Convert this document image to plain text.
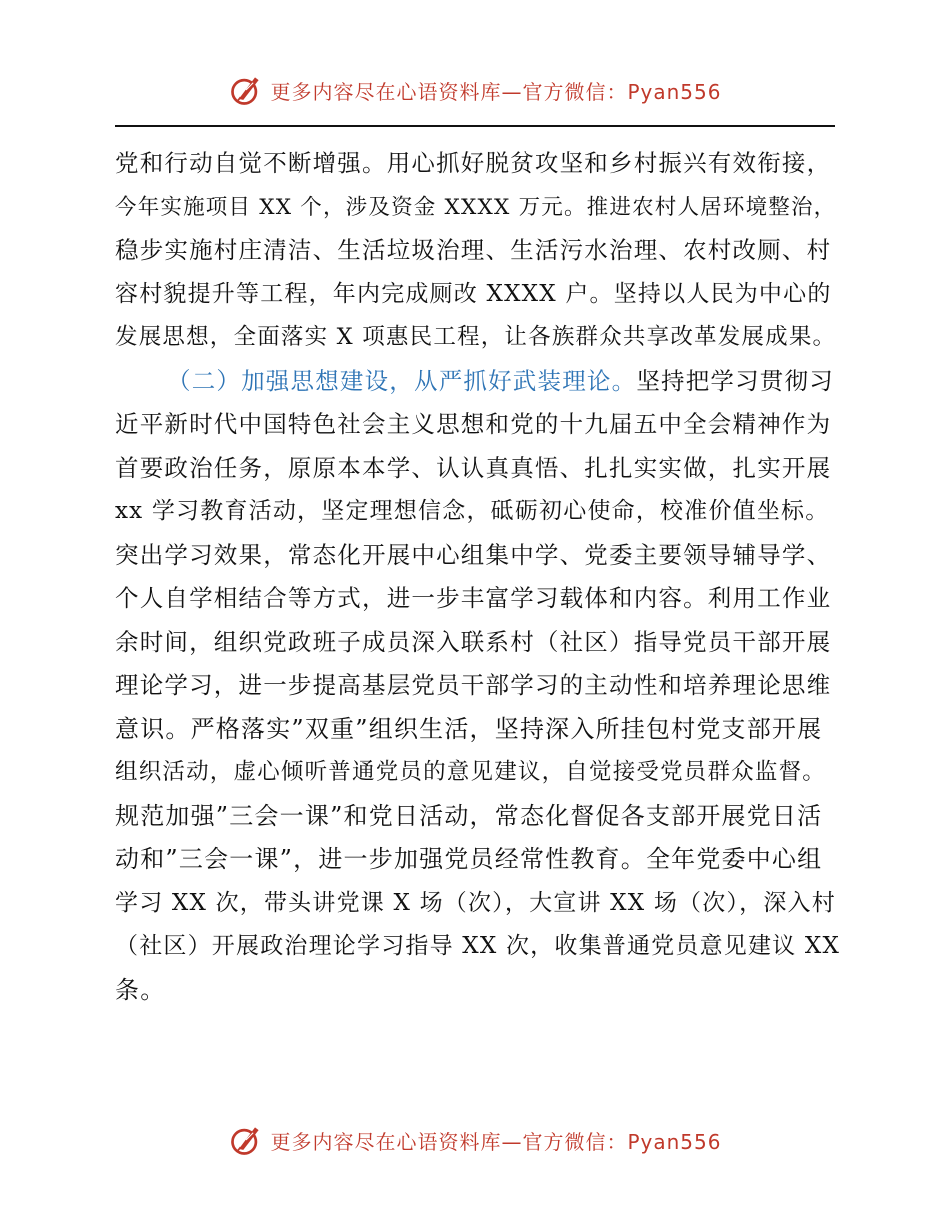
更多内容尽在心语资料库—官方微信：Pyan556
党和行动自觉不断增强。用心抓好脱贫攻坚和乡村振兴有效衔接，
今年实施项目 XX 个，涉及资金 XXXX 万元。推进农村人居环境整治，
稳步实施村庄清洁、生活垃圾治理、生活污水治理、农村改厕、村
容村貌提升等工程，年内完成厕改 XXXX 户。坚持以人民为中心的
发展思想，全面落实 X 项惠民工程，让各族群众共享改革发展成果。
（二）加强思想建设，从严抓好武装理论。坚持把学习贯彻习
近平新时代中国特色社会主义思想和党的十九届五中全会精神作为
首要政治任务，原原本本学、认认真真悟、扎扎实实做，扎实开展
xx 学习教育活动，坚定理想信念，砥砺初心使命，校准价值坐标。
突出学习效果，常态化开展中心组集中学、党委主要领导辅导学、
个人自学相结合等方式，进一步丰富学习载体和内容。利用工作业
余时间，组织党政班子成员深入联系村（社区）指导党员干部开展
理论学习，进一步提高基层党员干部学习的主动性和培养理论思维
意识。严格落实”双重”组织生活，坚持深入所挂包村党支部开展
组织活动，虚心倾听普通党员的意见建议，自觉接受党员群众监督。
规范加强”三会一课”和党日活动，常态化督促各支部开展党日活
动和”三会一课”，进一步加强党员经常性教育。全年党委中心组
学习 XX 次，带头讲党课 X 场（次），大宣讲 XX 场（次），深入村
（社区）开展政治理论学习指导 XX 次，收集普通党员意见建议 XX
条。
更多内容尽在心语资料库—官方微信：Pyan556
